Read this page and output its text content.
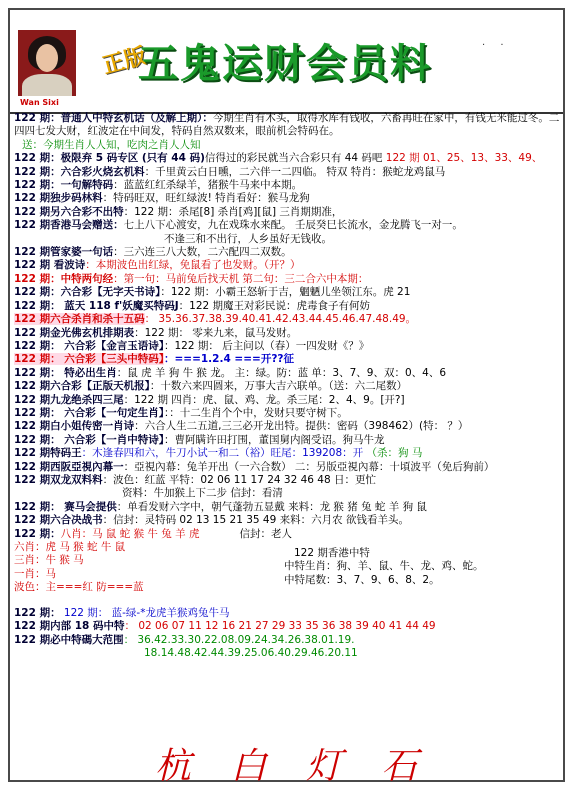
Wan Sixi
正版
五鬼运财会员料	· ·
122 期：普通人中特玄机话（及解上期）：今期生肖有木头，取得水库有钱收，六畜再旺在家中，有钱无米能过冬。二四四七发大财，红波定在中间发，特码自然双数来，眼前机会特码在。
送：今期生肖人人知，吃肉之肖人人知
122 期：极限弃 5 码专区 (只有 44 码)信得过的彩民就当六合彩只有 44 码吧 122 期 01、25、13、33、49、
122 期：六合彩火烧玄机料：千里黄云白日曛，二六伴一二四临。 特双 特肖：猴蛇龙鸡鼠马
122 期：一句解特码：蓝蓝红红杀绿羊，猪猴牛马来中本期。
122 期独步码林料：特码旺双，旺红绿波! 特肖看好：猴马龙狗
122 期另六合彩不出特：122 期：杀尾[8] 杀肖[鸡][鼠] 三肖期期准，
122 期香港马会赠送：七上八下心渡安，九在戏珠水来配。 壬辰癸巳长流水，金龙腾飞一对一。
不逢三和不出行，人乡虽好无钱收。
122 期管家婆一句话：三六连三八大数，二六配四二双数。
122 期 看波诗：本期波色出红绿，免鼠看了也发财。（开？）
122 期：中特两句经：第一句：马前兔后找天机 第二句：三二合六中本期：
122 期：六合彩【无字天书诗】：122 期：小霸王怒斩于吉，魍魉儿坐领江东。虎 21
122 期： 蓝天 118 f'妖魔买特码J：122 期魔王对彩民说：虎毒食子有何妨
122 期六合杀肖和杀十五码： 35.36.37.38.39.40.41.42.43.44.45.46.47.48.49。
122 期金光佛玄机排期表：122 期： 零来九来，鼠马发财。
122 期： 六合彩【金言玉语诗】：122 期： 后主问以（春）一四发财《？》
122 期： 六合彩【三头中特码】：===1.2.4 ===开??征
122 期： 特必出生肖：鼠 虎 羊 狗 牛 猴 龙。 主：绿。防：蓝 单：3、7、9、双：0、4、6
122 期六合彩【正版天机报】：十数六来四圆来，万事大吉六联单。（送：六二尾数）
122 期九龙绝杀四三尾：122 期 四肖：虎、鼠、鸡、龙。杀三尾：2、4、9。[开?]
122 期： 六合彩【一句定生肖】：：十二生肖个个中，发财只要守树下。
122 期白小姐传密一肖诗：六合人生二五道,三三必开龙出特。提供：密码（398462）(特： ？）
122 期： 六合彩【一肖中特诗】：曹阿瞒许田打围，董国舅内阁受诏。狗马牛龙
122 期特码王：木逢春四和六，牛刀小试一和二（裕）旺尾：139208：开 （杀：狗 马
122 期西阪亞視內幕一：亞視內幕：兔羊开出（一六合数） 二：另版亞視內幕：十頃波平（免后狗前）
122 期双龙双料料：波色：红蓝 平特：02 06 11 17 24 32 46 48 日：更忙
资料：牛加猴上下二步 信封：看清
122 期： 赛马会提供：单看发财六字中，朝气蓬勃五显戴 来料：龙 猴 猪 兔 蛇 羊 狗 鼠
122 期六合决战书：信封：灵特码 02 13 15 21 35 49 来料：六月农 欲钱看羊头。
122 期：八肖：马 鼠 蛇 猴 牛 兔 羊 虎	信封：老人
六肖：虎 马 猴 蛇 牛 鼠
三肖：牛 猴 马
一肖：马
波色：主===红 防===蓝
122 期香港中特
中特生肖：狗、羊、鼠、牛、龙、鸡、蛇。
中特尾数：3、7、9、6、8、2。
122 期： 122 期： 蓝-绿-*龙虎羊猴鸡兔牛马
122 期内部 18 码中特： 02 06 07 11 12 16 21 27 29 33 35 36 38 39 40 41 44 49
122 期必中特碼大范围： 36.42.33.30.22.08.09.24.34.26.38.01.19.
18.14.48.42.44.39.25.06.40.29.46.20.11
杭 白 灯 石
